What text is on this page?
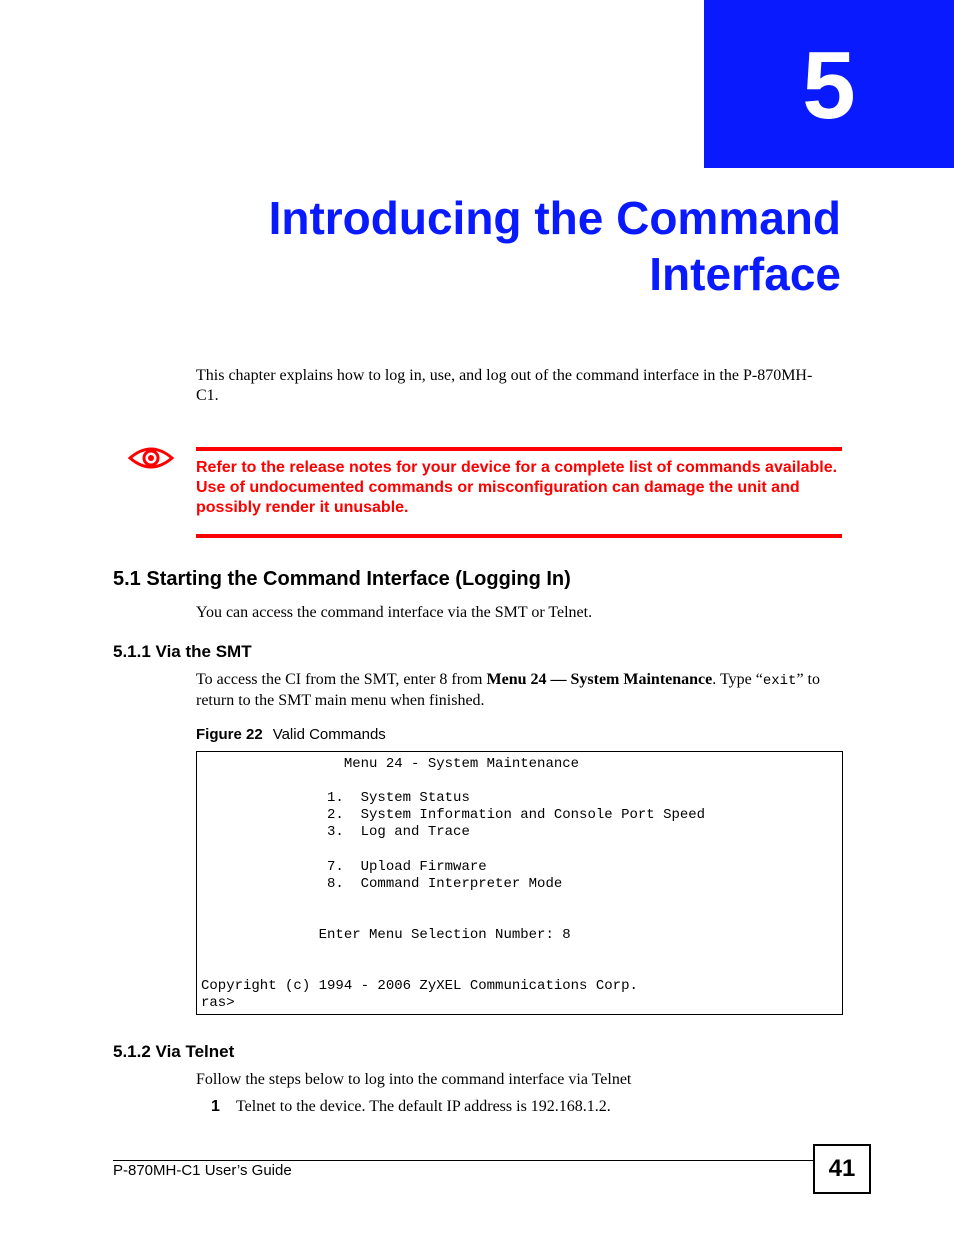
5
Introducing the Command
Interface
This chapter explains how to log in, use, and log out of the command interface in the P-870MH-C1.
Refer to the release notes for your device for a complete list of commands available. Use of undocumented commands or misconfiguration can damage the unit and possibly render it unusable.
5.1 Starting the Command Interface (Logging In)
You can access the command interface via the SMT or Telnet.
5.1.1 Via the SMT
To access the CI from the SMT, enter 8 from Menu 24 — System Maintenance. Type “exit” to return to the SMT main menu when finished.
Figure 22 Valid Commands
Menu 24 - System Maintenance

1.  System Status
2.  System Information and Console Port Speed
3.  Log and Trace

7.  Upload Firmware
8.  Command Interpreter Mode

Enter Menu Selection Number: 8

Copyright (c) 1994 - 2006 ZyXEL Communications Corp.
ras>
5.1.2 Via Telnet
Follow the steps below to log into the command interface via Telnet
1 Telnet to the device. The default IP address is 192.168.1.2.
P-870MH-C1 User’s Guide	41
